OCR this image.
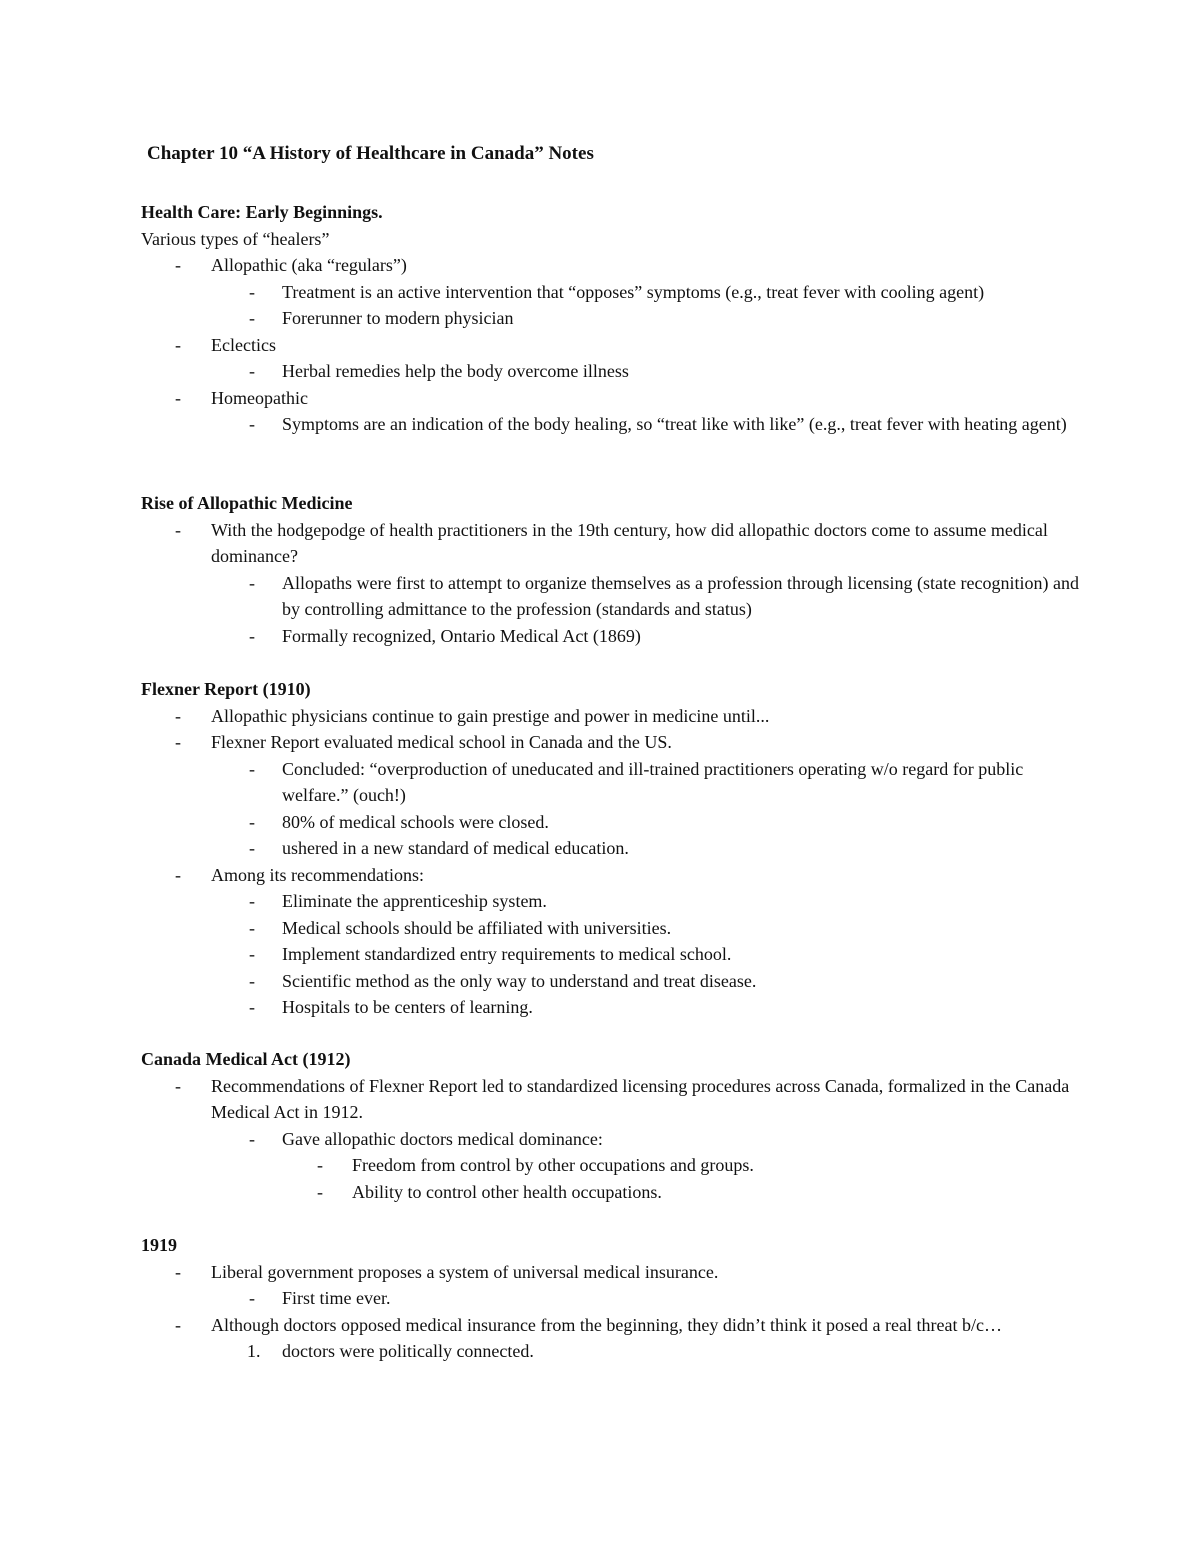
Chapter 10 “A History of Healthcare in Canada” Notes
Health Care: Early Beginnings.
Various types of “healers”
- Allopathic (aka “regulars”)
- Treatment is an active intervention that “opposes” symptoms (e.g., treat fever with cooling agent)
- Forerunner to modern physician
- Eclectics
- Herbal remedies help the body overcome illness
- Homeopathic
- Symptoms are an indication of the body healing, so “treat like with like” (e.g., treat fever with heating agent)
Rise of Allopathic Medicine
- With the hodgepodge of health practitioners in the 19th century, how did allopathic doctors come to assume medical dominance?
- Allopaths were first to attempt to organize themselves as a profession through licensing (state recognition) and by controlling admittance to the profession (standards and status)
- Formally recognized, Ontario Medical Act (1869)
Flexner Report (1910)
- Allopathic physicians continue to gain prestige and power in medicine until...
- Flexner Report evaluated medical school in Canada and the US.
- Concluded: “overproduction of uneducated and ill-trained practitioners operating w/o regard for public welfare.” (ouch!)
- 80% of medical schools were closed.
- ushered in a new standard of medical education.
- Among its recommendations:
- Eliminate the apprenticeship system.
- Medical schools should be affiliated with universities.
- Implement standardized entry requirements to medical school.
- Scientific method as the only way to understand and treat disease.
- Hospitals to be centers of learning.
Canada Medical Act (1912)
- Recommendations of Flexner Report led to standardized licensing procedures across Canada, formalized in the Canada Medical Act in 1912.
- Gave allopathic doctors medical dominance:
- Freedom from control by other occupations and groups.
- Ability to control other health occupations.
1919
- Liberal government proposes a system of universal medical insurance.
- First time ever.
- Although doctors opposed medical insurance from the beginning, they didn’t think it posed a real threat b/c…
1. doctors were politically connected.
